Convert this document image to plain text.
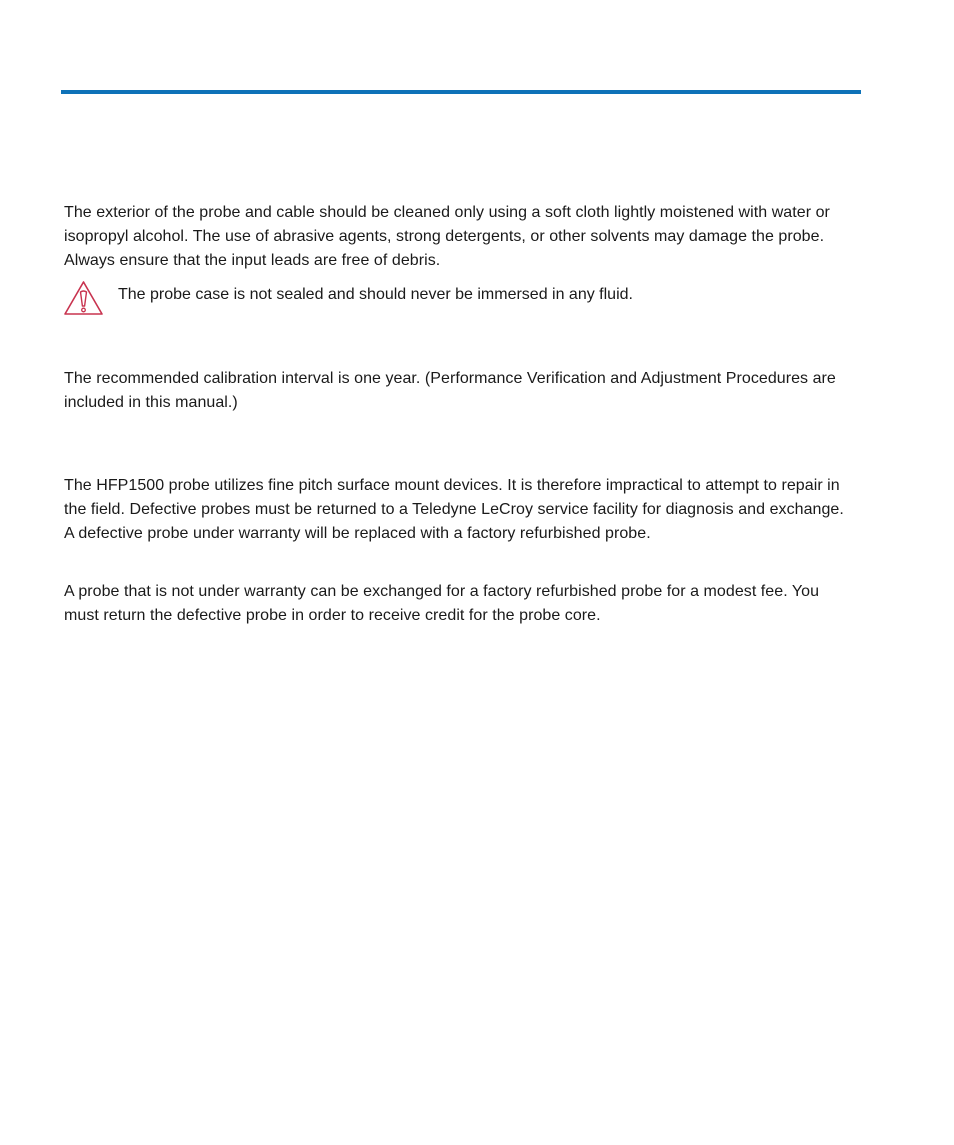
The exterior of the probe and cable should be cleaned only using a soft cloth lightly moistened with water or isopropyl alcohol. The use of abrasive agents, strong detergents, or other solvents may damage the probe. Always ensure that the input leads are free of debris.

The probe case is not sealed and should never be immersed in any fluid.

The recommended calibration interval is one year. (Performance Verification and Adjustment Procedures are included in this manual.)

The HFP1500 probe utilizes fine pitch surface mount devices. It is therefore impractical to attempt to repair in the field. Defective probes must be returned to a Teledyne LeCroy service facility for diagnosis and exchange. A defective probe under warranty will be replaced with a factory refurbished probe.

A probe that is not under warranty can be exchanged for a factory refurbished probe for a modest fee. You must return the defective probe in order to receive credit for the probe core.
